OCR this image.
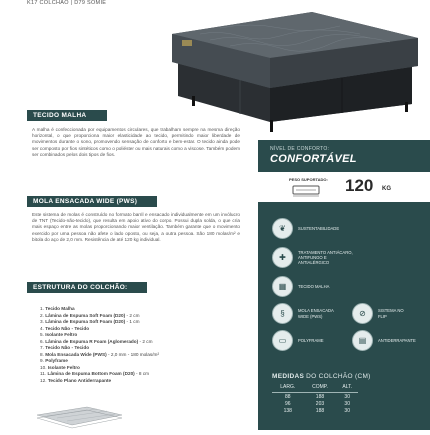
K17 COLCHÃO | D79 SOMIE
NÍVEL DE CONFORTO:
CONFORTÁVEL
PESO SUPORTADO: 120 KG
❦	SUSTENTABILIDADE
✚
TRATAMENTO ANTIÁCARO, ANTIFUNGO E ANTIALÉRGICO
▦	TECIDO MALHA
§	MOLA ENSACADA WIDE (PWS)	⊘	SISTEMA NO FLIP
▭	POLYFRAME	▤	ANTIDERRAPANTE
MEDIDAS DO COLCHÃO (CM)
LARG.	COMP.	ALT.
88	188	30
96	203	30
138	188	30
TECIDO MALHA
A malha é confeccionada por equipamentos circulares, que trabalham sempre na mesma direção horizontal, o que proporciona maior elasticidade ao tecido, permitindo maior liberdade de movimentos durante o sono, promovendo sensação de conforto e bem-estar. O tecido ainda pode ser composto por fios sintéticos como o poliéster ou mais naturais como a viscose. Também podem ser combinados pelos dois tipos de fios.
MOLA ENSACADA WIDE (PWS)
Este sistema de molas é construído no formato barril e ensacado individualmente em um invólucro de TNT (Tecido-não-tecido), que resulta em apoio ativo do corpo. Possui dupla solda, o que cria mais espaço entre as molas proporcionando maior ventilação. Também garante que o movimento exercido por uma pessoa não afete o lado oposto, ou seja, a outra pessoa. São 180 molas/m² e bitola do aço de 2,0 mm. Resistência de até 120 kg individual.
ESTRUTURA DO COLCHÃO:
1. Tecido Malha
2. Lâmina de Espuma Soft Foam (D20) - 2 cm
3. Lâmina de Espuma Soft Foam (D20) - 1 cm
4. Tecido Não - Tecido
5. Isolante Feltro
6. Lâmina de Espuma R Foam (Aglomerado) - 2 cm
7. Tecido Não - Tecido
8. Mola Ensacada Wide (PWS) - 2,0 mm - 180 molas/m²
9. Polyframe
10. Isolante Feltro
11. Lâmina de Espuma Bottom Foam (D20) - 8 cm
12. Tecido Plano Antiderrapante
